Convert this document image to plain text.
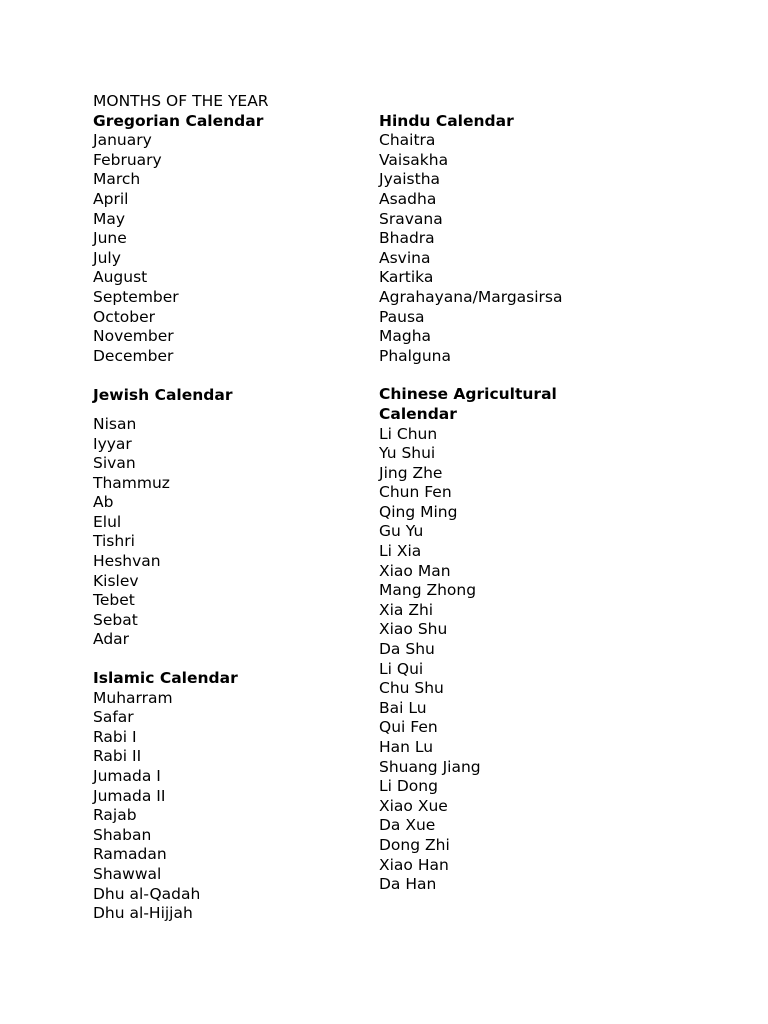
MONTHS OF THE YEAR

Gregorian Calendar

January
February
March
April
May
June
July
August
September
October
November
December

Jewish Calendar

Nisan
Iyyar
Sivan
Thammuz
Ab
Elul
Tishri
Heshvan
Kislev
Tebet
Sebat
Adar

Islamic Calendar

Muharram
Safar
Rabi I
Rabi II
Jumada I
Jumada II
Rajab
Shaban
Ramadan
Shawwal
Dhu al-Qadah
Dhu al-Hijjah

Hindu Calendar

Chaitra
Vaisakha
Jyaistha
Asadha
Sravana
Bhadra
Asvina
Kartika
Agrahayana/Margasirsa
Pausa
Magha
Phalguna

Chinese Agricultural

Calendar

Li Chun
Yu Shui
Jing Zhe
Chun Fen
Qing Ming
Gu Yu
Li Xia
Xiao Man
Mang Zhong
Xia Zhi
Xiao Shu
Da Shu
Li Qui
Chu Shu
Bai Lu
Qui Fen
Han Lu
Shuang Jiang
Li Dong
Xiao Xue
Da Xue
Dong Zhi
Xiao Han
Da Han
